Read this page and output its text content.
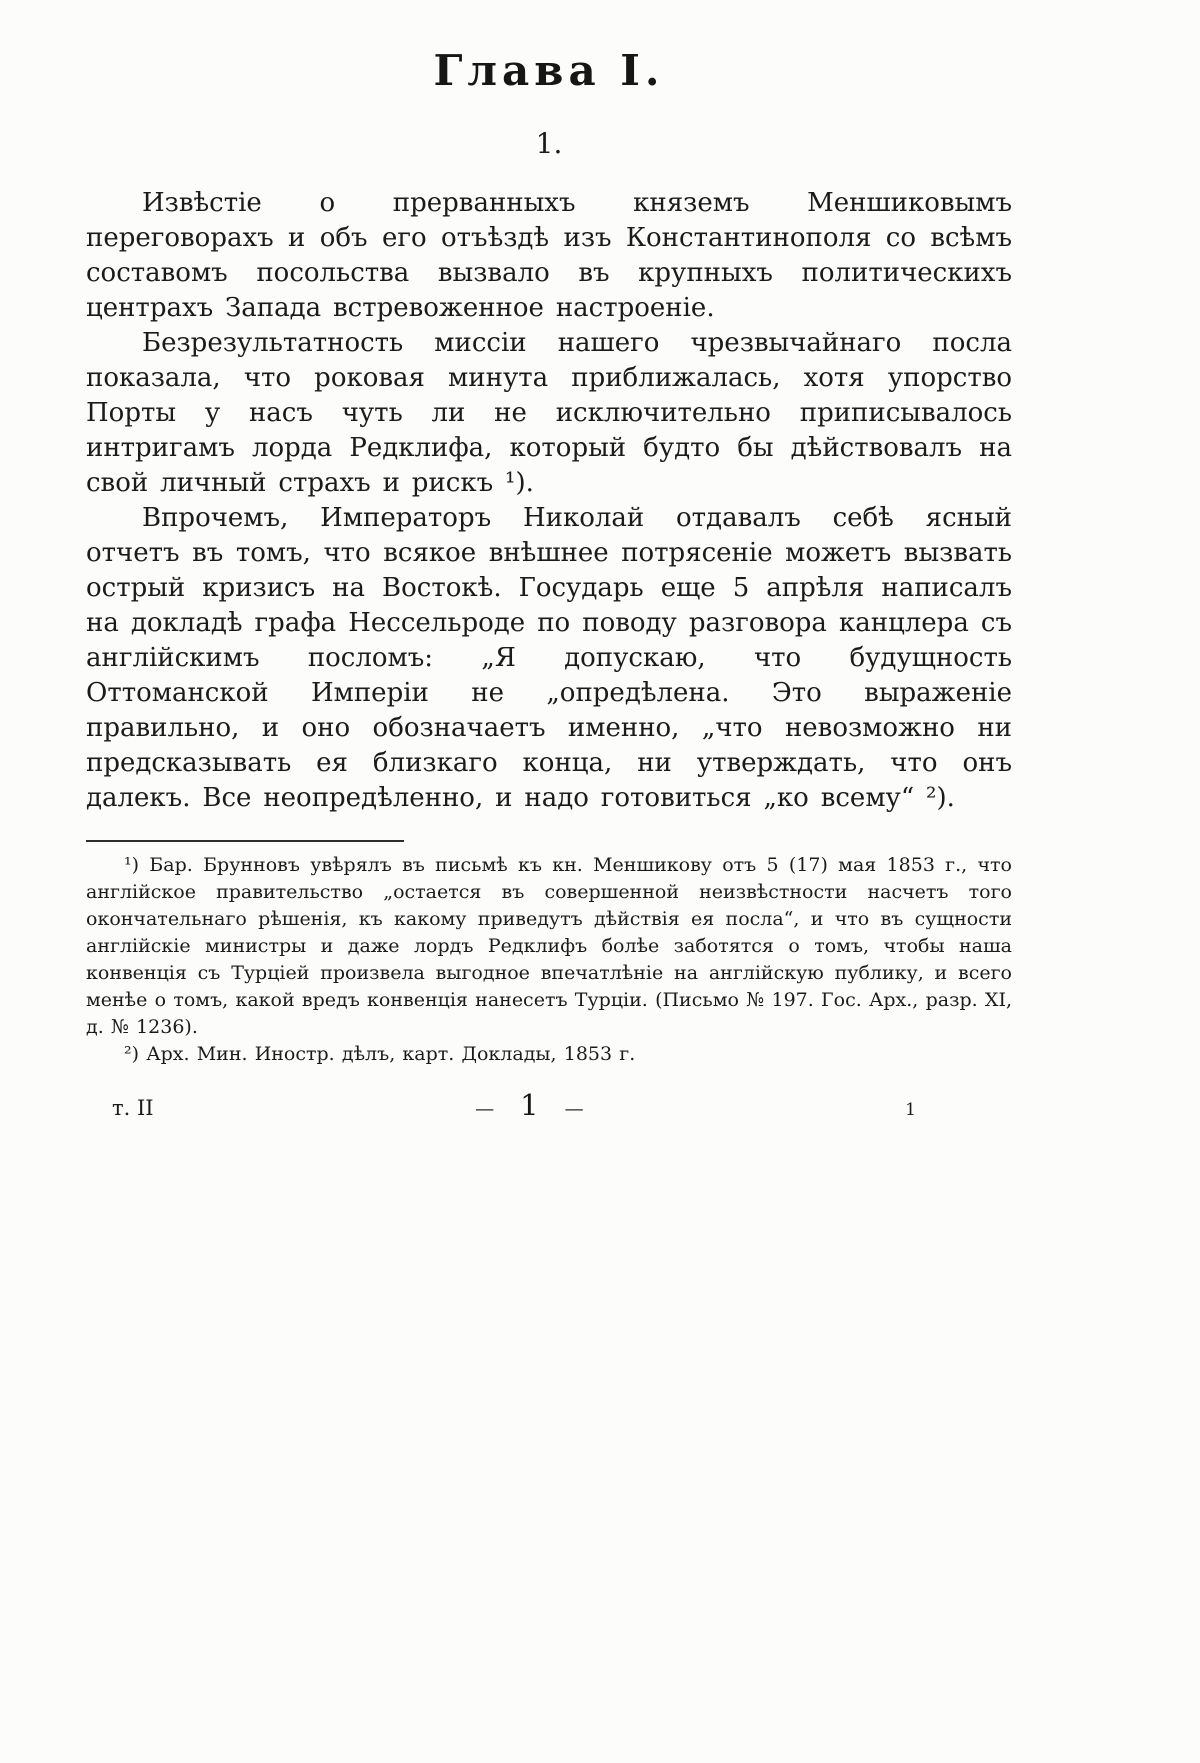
Глава I.
1.

Извѣстіе о прерванныхъ княземъ Меншиковымъ переговорахъ и объ его отъѣздѣ изъ Константинополя со всѣмъ составомъ посольства вызвало въ крупныхъ политическихъ центрахъ Запада встревоженное настроеніе.

Безрезультатность миссіи нашего чрезвычайнаго посла показала, что роковая минута приближалась, хотя упорство Порты у насъ чуть ли не исключительно приписывалось интригамъ лорда Редклифа, который будто бы дѣйствовалъ на свой личный страхъ и рискъ ¹).

Впрочемъ, Императоръ Николай отдавалъ себѣ ясный отчетъ въ томъ, что всякое внѣшнее потрясеніе можетъ вызвать острый кризисъ на Востокѣ. Государь еще 5 апрѣля написалъ на докладѣ графа Нессельроде по поводу разговора канцлера съ англійскимъ посломъ: „Я допускаю, что будущность Оттоманской Имперіи не „опредѣлена. Это выраженіе правильно, и оно обозначаетъ именно, „что невозможно ни предсказывать ея близкаго конца, ни утверждать, что онъ далекъ. Все неопредѣленно, и надо готовиться „ко всему“ ²).

¹) Бар. Брунновъ увѣрялъ въ письмѣ къ кн. Меншикову отъ 5 (17) мая 1853 г., что англійское правительство „остается въ совершенной неизвѣстности насчетъ того окончательнаго рѣшенія, къ какому приведутъ дѣйствія ея посла“, и что въ сущности англійскіе министры и даже лордъ Редклифъ болѣе заботятся о томъ, чтобы наша конвенція съ Турціей произвела выгодное впечатлѣніе на англійскую публику, и всего менѣе о томъ, какой вредъ конвенція нанесетъ Турціи. (Письмо № 197. Гос. Арх., разр. XI, д. № 1236).

²) Арх. Мин. Иностр. дѣлъ, карт. Доклады, 1853 г.

т. II	— 1 —	1
